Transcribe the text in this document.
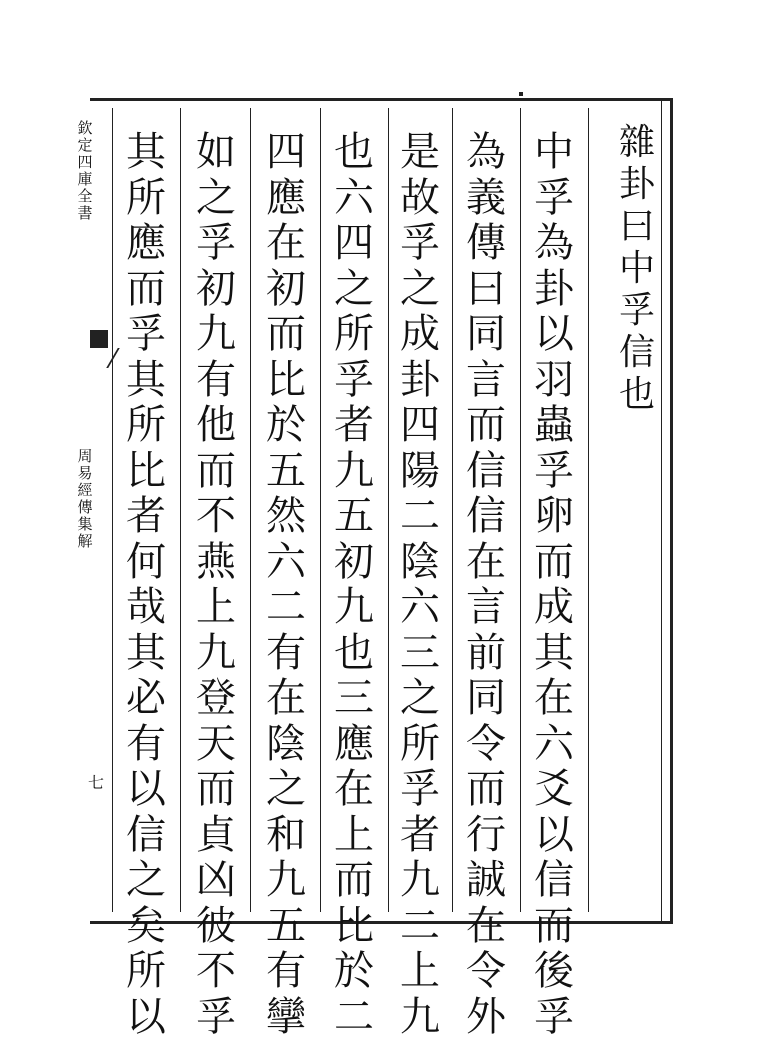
欽
定
四
庫
全
書
周
易
經
傳
集
解
七
雜
卦
曰
中
孚
信
也
中
孚
為
卦
以
羽
蟲
孚
卵
而
成
其
在
六
爻
以
信
而
後
孚
為
義
傳
曰
同
言
而
信
信
在
言
前
同
令
而
行
誠
在
令
外
是
故
孚
之
成
卦
四
陽
二
陰
六
三
之
所
孚
者
九
二
上
九
也
六
四
之
所
孚
者
九
五
初
九
也
三
應
在
上
而
比
於
二
四
應
在
初
而
比
於
五
然
六
二
有
在
陰
之
和
九
五
有
攣
如
之
孚
初
九
有
他
而
不
燕
上
九
登
天
而
貞
凶
彼
不
孚
其
所
應
而
孚
其
所
比
者
何
哉
其
必
有
以
信
之
矣
所
以
